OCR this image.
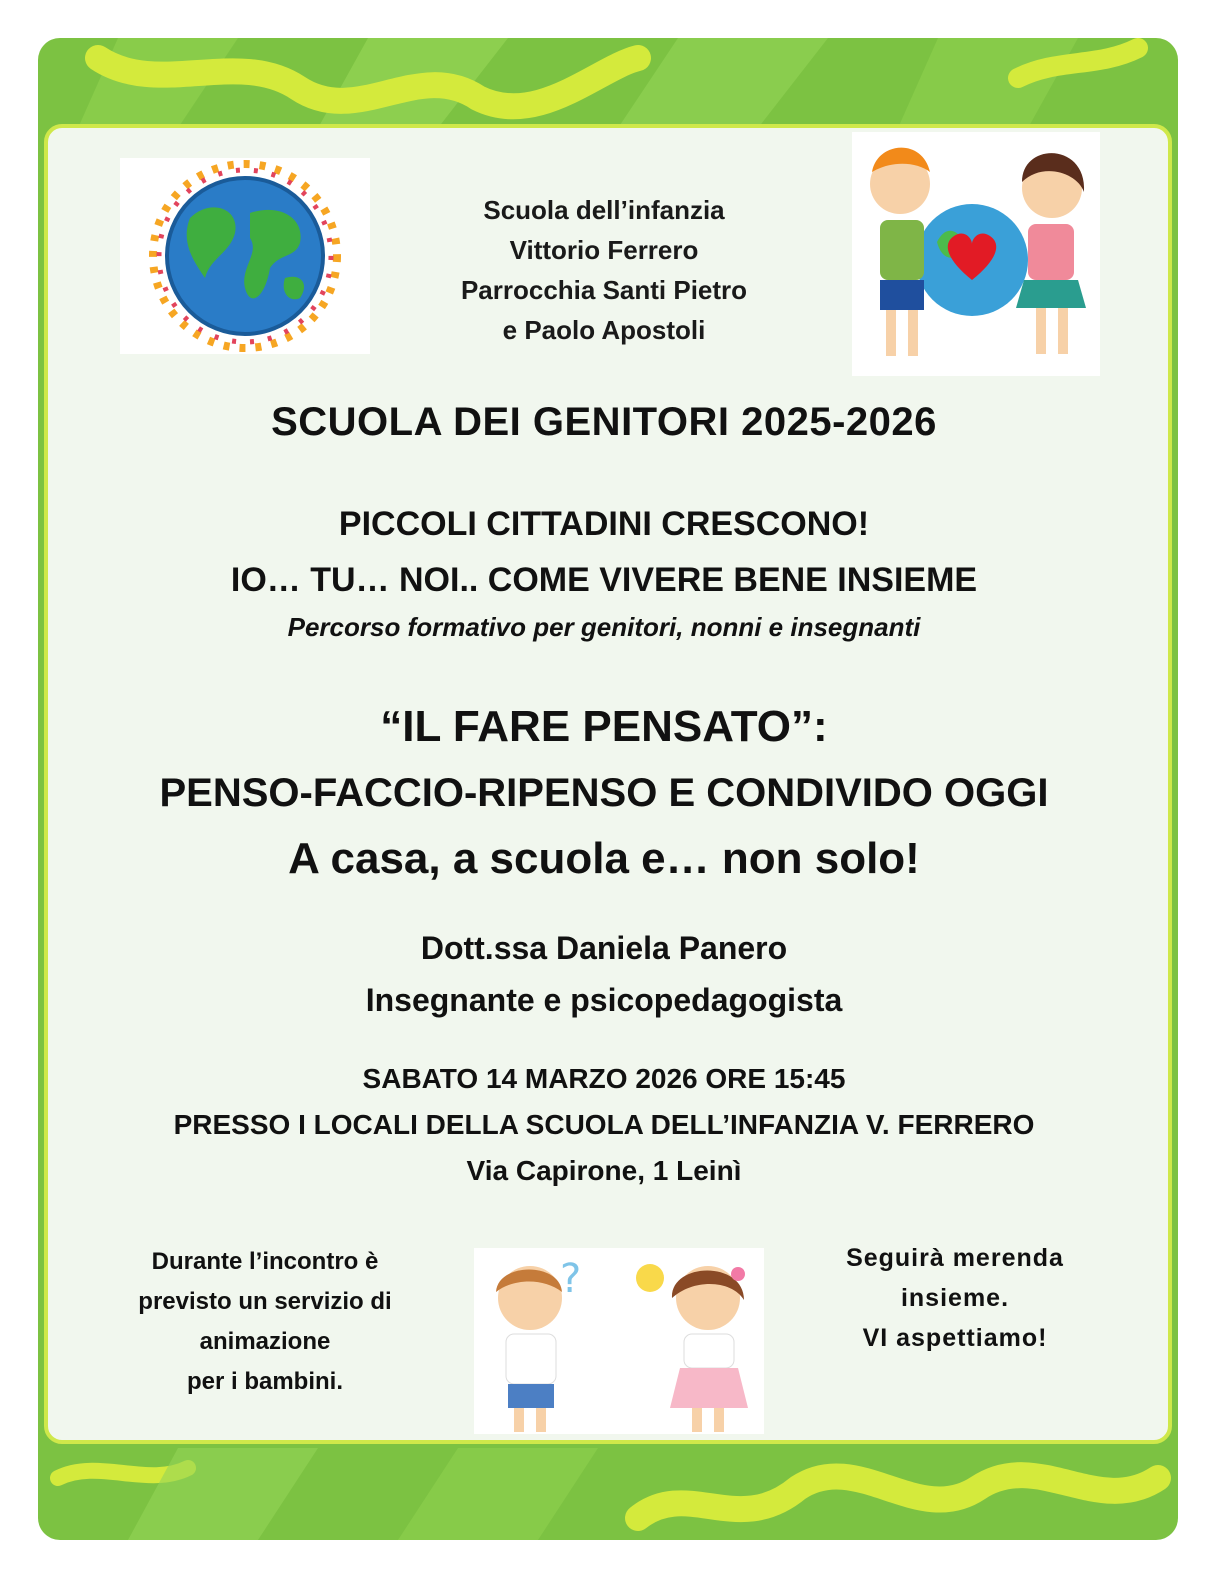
Scuola dell’infanzia
Vittorio Ferrero
Parrocchia Santi Pietro
e Paolo Apostoli
SCUOLA DEI GENITORI 2025-2026
PICCOLI CITTADINI CRESCONO!
IO… TU… NOI.. COME VIVERE BENE INSIEME
Percorso formativo per genitori, nonni e insegnanti
“IL FARE PENSATO”:
PENSO-FACCIO-RIPENSO E CONDIVIDO OGGI
A casa, a scuola e… non solo!
Dott.ssa Daniela Panero
Insegnante e psicopedagogista
SABATO 14 MARZO 2026 ORE 15:45
PRESSO I LOCALI DELLA SCUOLA DELL’INFANZIA V. FERRERO
Via Capirone, 1 Leinì
Durante l’incontro è
previsto un servizio di
animazione
per i bambini.
?	Seguirà merenda
insieme.
VI aspettiamo!
